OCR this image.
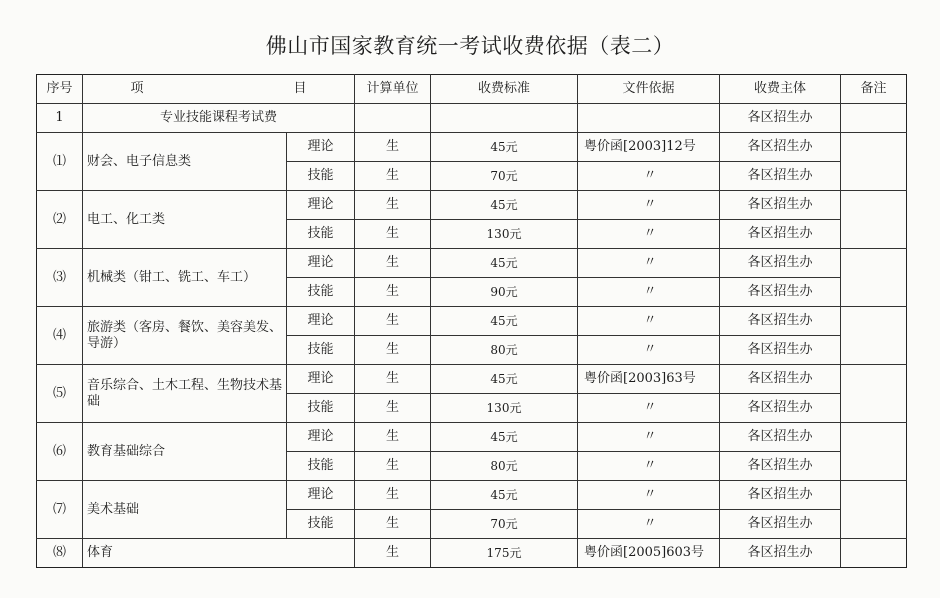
佛山市国家教育统一考试收费依据（表二）
序号	项 目		计算单位	收费标准	文件依据	收费主体	备注
1	专业技能课程考试费					各区招生办	
⑴	财会、电子信息类	理论	生	45元	粤价函[2003]12号	各区招生办	
		技能	生	70元	〃	各区招生办	
⑵	电工、化工类	理论	生	45元	〃	各区招生办	
		技能	生	130元	〃	各区招生办	
⑶	机械类（钳工、铣工、车工）	理论	生	45元	〃	各区招生办	
		技能	生	90元	〃	各区招生办	
⑷	旅游类（客房、餐饮、美容美发、导游）	理论	生	45元	〃	各区招生办	
		技能	生	80元	〃	各区招生办	
⑸	音乐综合、土木工程、生物技术基础	理论	生	45元	粤价函[2003]63号	各区招生办	
		技能	生	130元	〃	各区招生办	
⑹	教育基础综合	理论	生	45元	〃	各区招生办	
		技能	生	80元	〃	各区招生办	
⑺	美术基础	理论	生	45元	〃	各区招生办	
		技能	生	70元	〃	各区招生办	
⑻	体育		生	175元	粤价函[2005]603号	各区招生办	
